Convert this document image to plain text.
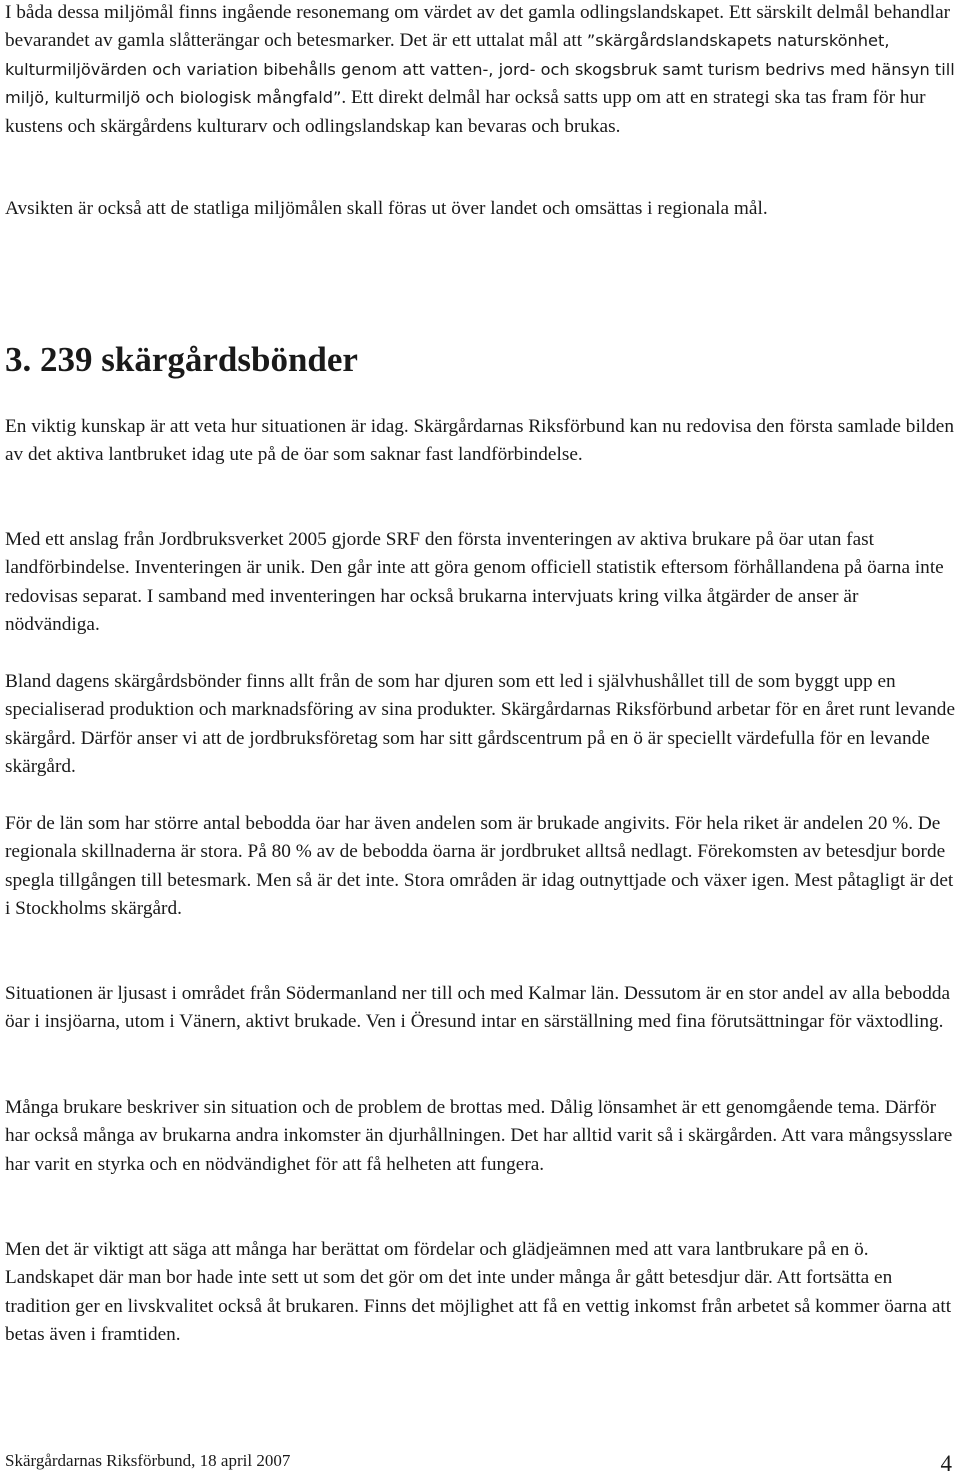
I båda dessa miljömål finns ingående resonemang om värdet av det gamla odlingslandskapet. Ett särskilt delmål behandlar bevarandet av gamla slåtterängar och betesmarker. Det är ett uttalat mål att ”skärgårdslandskapets naturskönhet, kulturmiljövärden och variation bibehålls genom att vatten-, jord- och skogsbruk samt turism bedrivs med hänsyn till miljö, kulturmiljö och biologisk mångfald”. Ett direkt delmål har också satts upp om att en strategi ska tas fram för hur kustens och skärgårdens kulturarv och odlingslandskap kan bevaras och brukas.

Avsikten är också att de statliga miljömålen skall föras ut över landet och omsättas i regionala mål.

3. 239 skärgårdsbönder

En viktig kunskap är att veta hur situationen är idag. Skärgårdarnas Riksförbund kan nu redovisa den första samlade bilden av det aktiva lantbruket idag ute på de öar som saknar fast landförbindelse.

Med ett anslag från Jordbruksverket 2005 gjorde SRF den första inventeringen av aktiva brukare på öar utan fast landförbindelse. Inventeringen är unik. Den går inte att göra genom officiell statistik eftersom förhållandena på öarna inte redovisas separat. I samband med inventeringen har också brukarna intervjuats kring vilka åtgärder de anser är nödvändiga.

Bland dagens skärgårdsbönder finns allt från de som har djuren som ett led i självhushållet till de som byggt upp en specialiserad produktion och marknadsföring av sina produkter. Skärgårdarnas Riksförbund arbetar för en året runt levande skärgård. Därför anser vi att de jordbruksföretag som har sitt gårdscentrum på en ö är speciellt värdefulla för en levande skärgård.

För de län som har större antal bebodda öar har även andelen som är brukade angivits. För hela riket är andelen 20 %. De regionala skillnaderna är stora. På 80 % av de bebodda öarna är jordbruket alltså nedlagt. Förekomsten av betesdjur borde spegla tillgången till betesmark. Men så är det inte. Stora områden är idag outnyttjade och växer igen. Mest påtagligt är det i Stockholms skärgård.

Situationen är ljusast i området från Södermanland ner till och med Kalmar län. Dessutom är en stor andel av alla bebodda öar i insjöarna, utom i Vänern, aktivt brukade. Ven i Öresund intar en särställning med fina förutsättningar för växtodling.

Många brukare beskriver sin situation och de problem de brottas med. Dålig lönsamhet är ett genomgående tema. Därför har också många av brukarna andra inkomster än djurhållningen. Det har alltid varit så i skärgården. Att vara mångsysslare har varit en styrka och en nödvändighet för att få helheten att fungera.

Men det är viktigt att säga att många har berättat om fördelar och glädjeämnen med att vara lantbrukare på en ö. Landskapet där man bor hade inte sett ut som det gör om det inte under många år gått betesdjur där. Att fortsätta en tradition ger en livskvalitet också åt brukaren. Finns det möjlighet att få en vettig inkomst från arbetet så kommer öarna att betas även i framtiden.

Skärgårdarnas Riksförbund, 18 april 2007	4
